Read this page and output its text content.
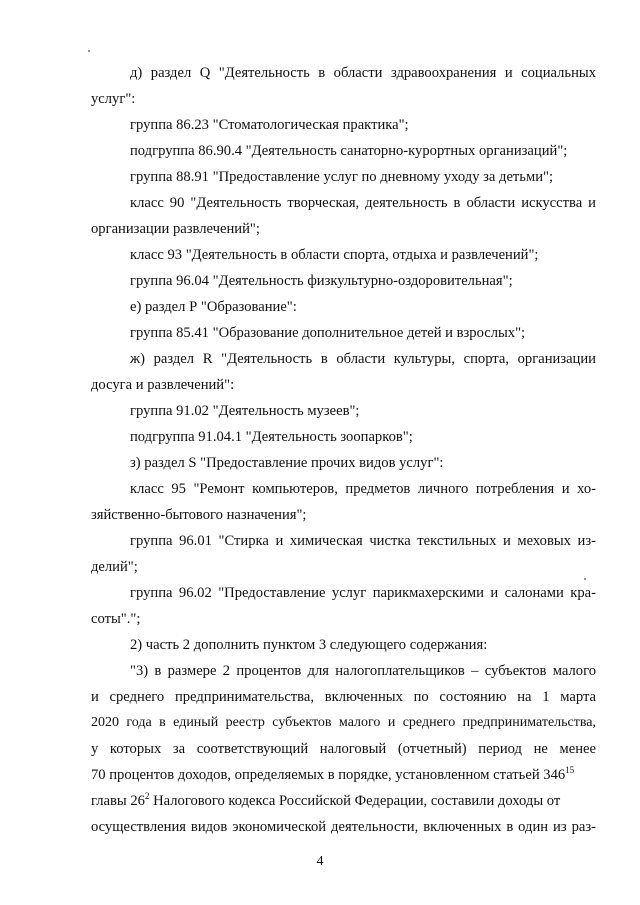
д) раздел Q "Деятельность в области здравоохранения и социальных
услуг":
группа 86.23 "Стоматологическая практика";
подгруппа 86.90.4 "Деятельность санаторно-курортных организаций";
группа 88.91 "Предоставление услуг по дневному уходу за детьми";
класс 90 "Деятельность творческая, деятельность в области искусства и
организации развлечений";
класс 93 "Деятельность в области спорта, отдыха и развлечений";
группа 96.04 "Деятельность физкультурно-оздоровительная";
е) раздел Р "Образование":
группа 85.41 "Образование дополнительное детей и взрослых";
ж) раздел R "Деятельность в области культуры, спорта, организации
досуга и развлечений":
группа 91.02 "Деятельность музеев";
подгруппа 91.04.1 "Деятельность зоопарков";
з) раздел S "Предоставление прочих видов услуг":
класс 95 "Ремонт компьютеров, предметов личного потребления и хо-
зяйственно-бытового назначения";
группа 96.01 "Стирка и химическая чистка текстильных и меховых из-
делий";
группа 96.02 "Предоставление услуг парикмахерскими и салонами кра-
соты".";
2) часть 2 дополнить пунктом 3 следующего содержания:
"3) в размере 2 процентов для налогоплательщиков – субъектов малого
и среднего предпринимательства, включенных по состоянию на 1 марта
2020 года в единый реестр субъектов малого и среднего предпринимательства,
у которых за соответствующий налоговый (отчетный) период не менее
70 процентов доходов, определяемых в порядке, установленном статьей $346^{15}$
главы $26^2$ Налогового кодекса Российской Федерации, составили доходы от
осуществления видов экономической деятельности, включенных в один из раз-
4
